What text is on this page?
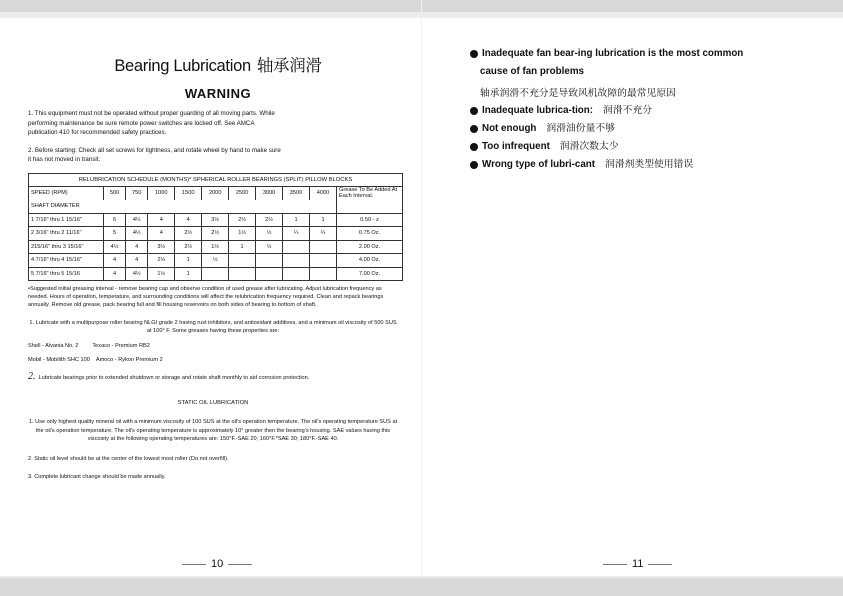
Bearing Lubrication 轴承润滑
WARNING
1. This equipment must not be operated without proper guarding of all moving parts. While performing maintenance be sure remote power switches are locked off. See AMCA publication 410 for recommended safety practices.
2. Before starting: Check all set screws for tightness, and rotate wheel by hand to make sure it has not moved in transit.
RELUBRICATION SCHEDULE (MONTHS)* SPHERICAL ROLLER BEARINGS (SPLIT) PILLOW BLOCKS										
SPEED (RPM)	500	750	1000	1500	2000	2500	3000	3500	4000	Grease To Be Added At Each Interval.
SHAFT DIAMETER										
1 7/16" thru 1 15/16"	6	4½	4	4	3½	2½	2½	1	1	0.50 - z
2 3/16" thru 2 11/16"	5	4½	4	2½	2½	1½	½	¼	¼	0.75 Oz.
215/16" thru 3 15/16"	4½	4	3½	2½	1½	1	½			2.00 Oz.
4 7/16" thru 4 15/16"	4	4	2½	1	½					4.00 Oz.
5 7/16" thru 5 15/16	4	4½	1½	1						7.00 Oz.
•Suggested initial greasing interval - remove bearing cap and observe condition of used grease after lubricating. Adjust lubrication frequency as needed. Hours of operation, temperature, and surrounding conditions will affect the relubrication frequency required. Clean and repack bearings annually. Remove old grease, pack bearing full and fill housing reservoirs on both sides of bearing to bottom of shaft.
1. Lubricate with a multipurpose roller bearing NLGI grade 2 having rust inhibitors, and antioxidant additives, and a minimum oil viscosity of 500 SUS at 100° F. Some greases having these properties are:
Shell - Alvania No, 2	Texaco - Premium RB2
Mobil - Mobilith SHC 100 Amoco - Rykon Premium 2
2. Lubricate bearings prior to extended shutdown or storage and rotate shaft monthly to aid corrosion protection.
STATIC OIL LUBRICATION
1. Use only highest quality mineral oil with a minimum viscosity of 100 SUS at the oil's operation temperature. The oil's operating temperature SUS at the oil's operation temperature. The oil's operating temperature is approximately 10° greater then the bearing's housing. SAE values having this viscosity at the following operating temperatures are: 150°F.-SAE 20; 160°F.*SAE 30; 180°F.-SAE 40.
2. Static oil level should be at the center of the lowest most roller (Do not overfill).
3. Complete lubricant change should be made annually.
10
Inadequate fan bear-ing lubrication is the most common
cause of fan problems
轴承润滑不充分是导致风机故障的最常见原因
Inadequate lubrica-tion: 润滑不充分
Not enough 润滑油份量不够
Too infrequent 润滑次数太少
Wrong type of lubri-cant 润滑剂类型使用错误
11
